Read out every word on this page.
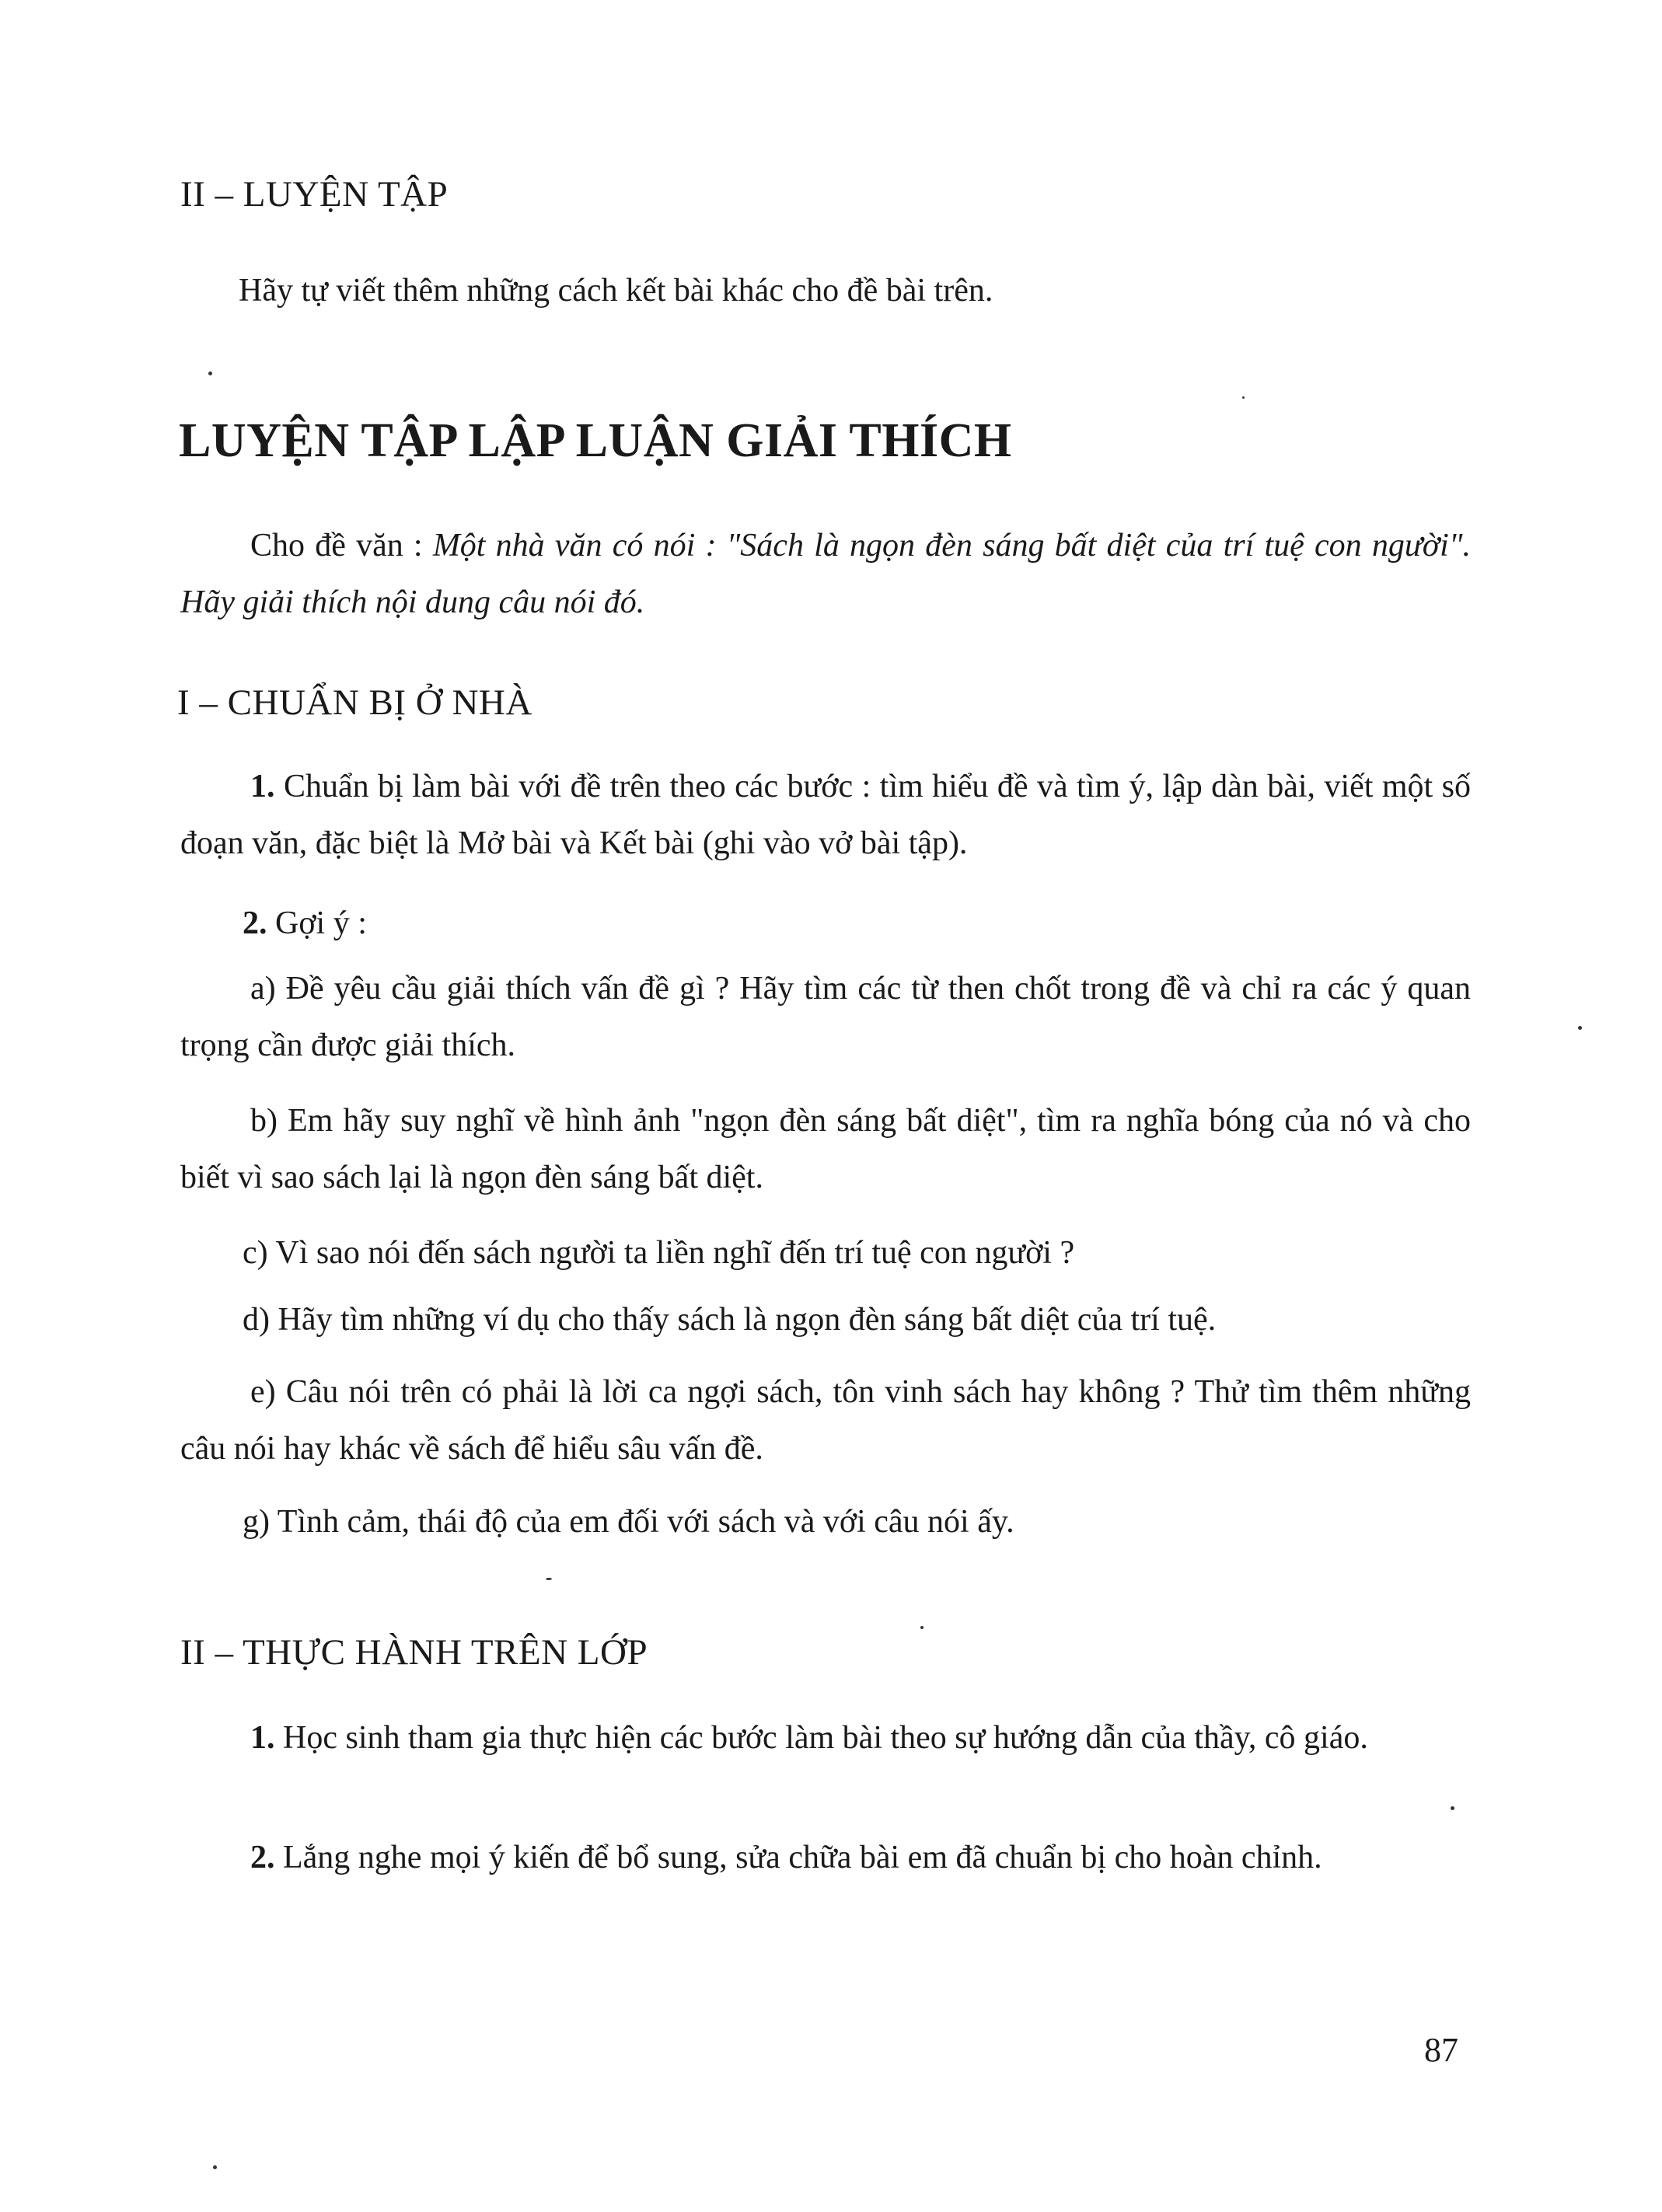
II – LUYỆN TẬP

Hãy tự viết thêm những cách kết bài khác cho đề bài trên.

LUYỆN TẬP LẬP LUẬN GIẢI THÍCH

Cho đề văn : Một nhà văn có nói : "Sách là ngọn đèn sáng bất diệt của trí tuệ con người". Hãy giải thích nội dung câu nói đó.

I – CHUẨN BỊ Ở NHÀ

1. Chuẩn bị làm bài với đề trên theo các bước : tìm hiểu đề và tìm ý, lập dàn bài, viết một số đoạn văn, đặc biệt là Mở bài và Kết bài (ghi vào vở bài tập).

2. Gợi ý :

a) Đề yêu cầu giải thích vấn đề gì ? Hãy tìm các từ then chốt trong đề và chỉ ra các ý quan trọng cần được giải thích.

b) Em hãy suy nghĩ về hình ảnh "ngọn đèn sáng bất diệt", tìm ra nghĩa bóng của nó và cho biết vì sao sách lại là ngọn đèn sáng bất diệt.

c) Vì sao nói đến sách người ta liền nghĩ đến trí tuệ con người ?

d) Hãy tìm những ví dụ cho thấy sách là ngọn đèn sáng bất diệt của trí tuệ.

e) Câu nói trên có phải là lời ca ngợi sách, tôn vinh sách hay không ? Thử tìm thêm những câu nói hay khác về sách để hiểu sâu vấn đề.

g) Tình cảm, thái độ của em đối với sách và với câu nói ấy.

II – THỰC HÀNH TRÊN LỚP

1. Học sinh tham gia thực hiện các bước làm bài theo sự hướng dẫn của thầy, cô giáo.

2. Lắng nghe mọi ý kiến để bổ sung, sửa chữa bài em đã chuẩn bị cho hoàn chỉnh.

87
